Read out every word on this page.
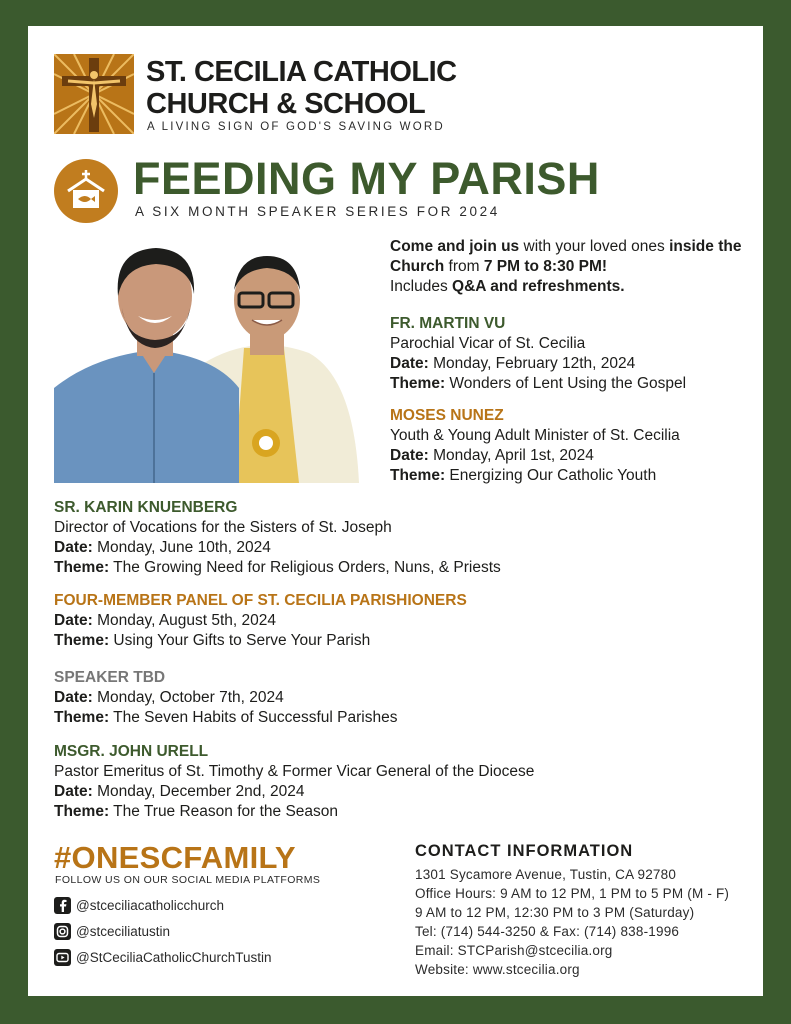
ST. CECILIA CATHOLIC
CHURCH & SCHOOL
A LIVING SIGN OF GOD'S SAVING WORD
FEEDING MY PARISH
A SIX MONTH SPEAKER SERIES FOR 2024
Come and join us with your loved ones inside the Church from 7 PM to 8:30 PM!
Includes Q&A and refreshments.
FR. MARTIN VU
Parochial Vicar of St. Cecilia
Date: Monday, February 12th, 2024
Theme: Wonders of Lent Using the Gospel
MOSES NUNEZ
Youth & Young Adult Minister of St. Cecilia
Date: Monday, April 1st, 2024
Theme: Energizing Our Catholic Youth
SR. KARIN KNUENBERG
Director of Vocations for the Sisters of St. Joseph
Date: Monday, June 10th, 2024
Theme: The Growing Need for Religious Orders, Nuns, & Priests
FOUR-MEMBER PANEL OF ST. CECILIA PARISHIONERS
Date: Monday, August 5th, 2024
Theme: Using Your Gifts to Serve Your Parish
SPEAKER TBD
Date: Monday, October 7th, 2024
Theme: The Seven Habits of Successful Parishes
MSGR. JOHN URELL
Pastor Emeritus of St. Timothy & Former Vicar General of the Diocese
Date: Monday, December 2nd, 2024
Theme: The True Reason for the Season
#ONESCFAMILY
FOLLOW US ON OUR SOCIAL MEDIA PLATFORMS
@stceciliacatholicchurch
@stceciliatustin
@StCeciliaCatholicChurchTustin
CONTACT INFORMATION
1301 Sycamore Avenue, Tustin, CA 92780
Office Hours: 9 AM to 12 PM, 1 PM to 5 PM (M - F)
9 AM to 12 PM, 12:30 PM to 3 PM (Saturday)
Tel: (714) 544-3250 & Fax: (714) 838-1996
Email: STCParish@stcecilia.org
Website: www.stcecilia.org
